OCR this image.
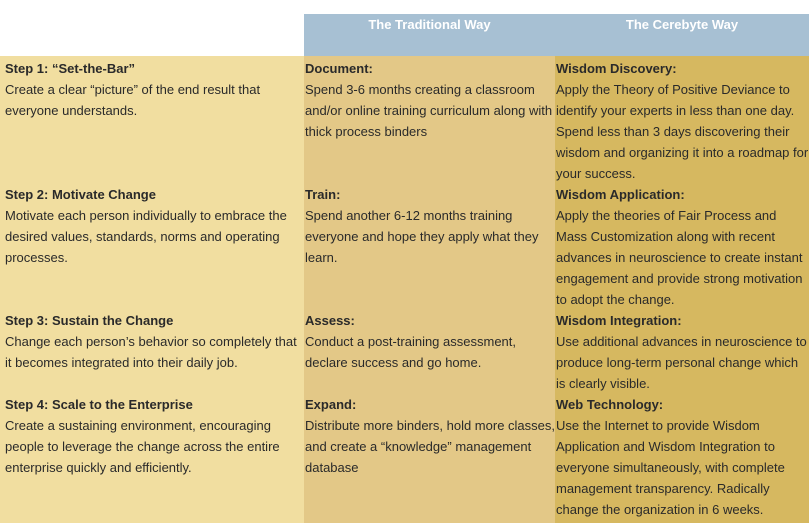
The Traditional Way	The Cerebyte Way
Step 1: “Set-the-Bar”
Create a clear “picture” of the end result that everyone understands.
Step 2: Motivate Change
Motivate each person individually to embrace the desired values, standards, norms and operating processes.
Step 3: Sustain the Change
Change each person’s behavior so completely that it becomes integrated into their daily job.
Step 4: Scale to the Enterprise
Create a sustaining environment, encouraging people to leverage the change across the entire enterprise quickly and efficiently.
Document:
Spend 3-6 months creating a classroom and/or online training curriculum along with thick process binders
Train:
Spend another 6-12 months training everyone and hope they apply what they learn.
Assess:
Conduct a post-training assessment, declare success and go home.
Expand:
Distribute more binders, hold more classes, and create a “knowledge” management database
Wisdom Discovery:
Apply the Theory of Positive Deviance to identify your experts in less than one day. Spend less than 3 days discovering their wisdom and organizing it into a roadmap for your success.
Wisdom Application:
Apply the theories of Fair Process and Mass Customization along with recent advances in neuroscience to create instant engagement and provide strong motivation to adopt the change.
Wisdom Integration:
Use additional advances in neuroscience to produce long-term personal change which is clearly visible.
Web Technology:
Use the Internet to provide Wisdom Application and Wisdom Integration to everyone simultaneously, with complete management transparency. Radically change the organization in 6 weeks.
